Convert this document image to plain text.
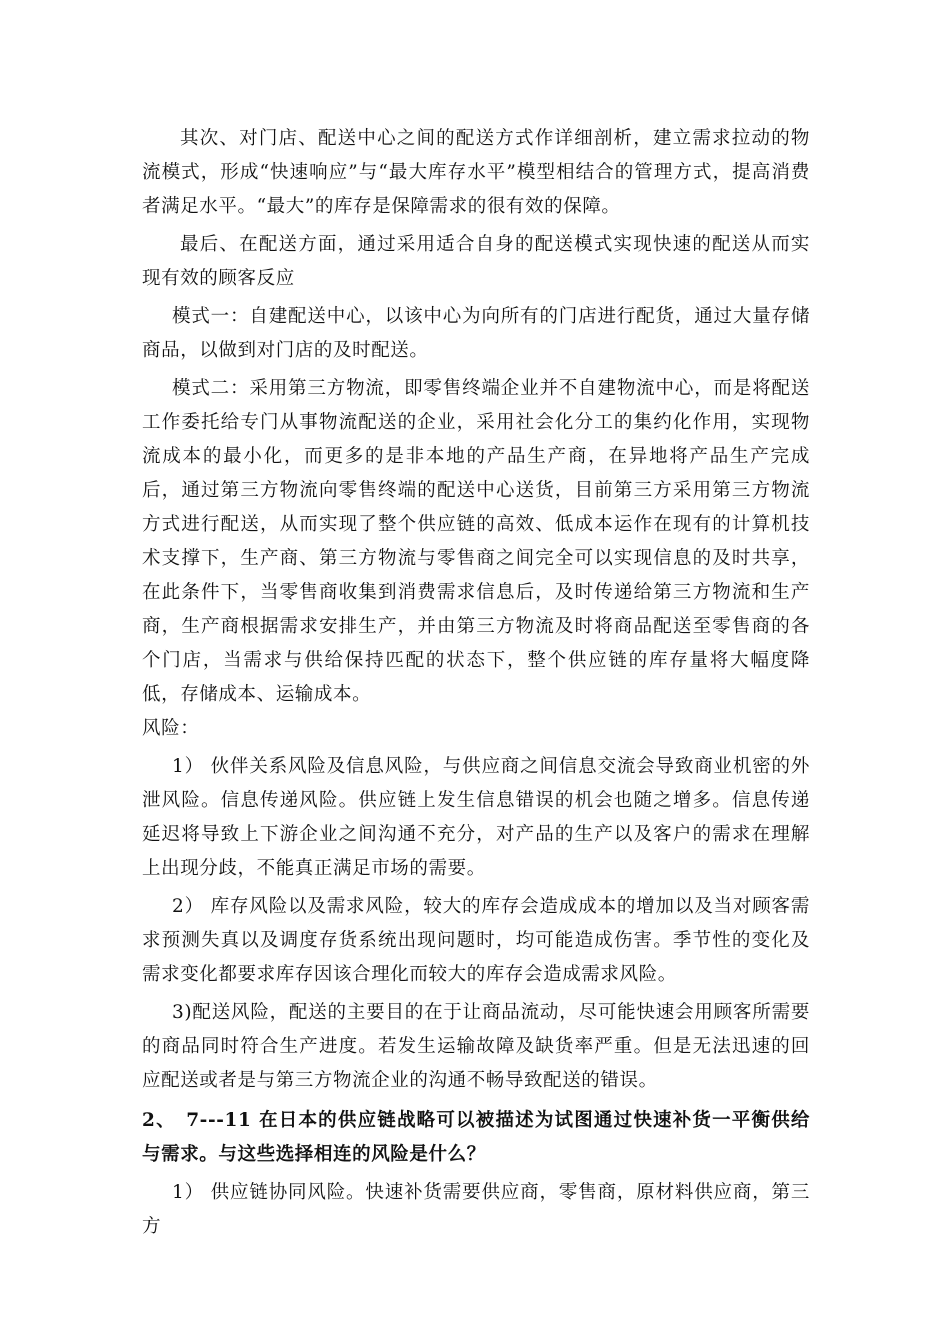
其次、对门店、配送中心之间的配送方式作详细剖析，建立需求拉动的物流模式，形成“快速响应”与“最大库存水平”模型相结合的管理方式，提高消费者满足水平。“最大”的库存是保障需求的很有效的保障。

最后、在配送方面，通过采用适合自身的配送模式实现快速的配送从而实现有效的顾客反应

模式一：自建配送中心，以该中心为向所有的门店进行配货，通过大量存储商品，以做到对门店的及时配送。

模式二：采用第三方物流，即零售终端企业并不自建物流中心，而是将配送工作委托给专门从事物流配送的企业，采用社会化分工的集约化作用，实现物流成本的最小化，而更多的是非本地的产品生产商，在异地将产品生产完成后，通过第三方物流向零售终端的配送中心送货，目前第三方采用第三方物流方式进行配送，从而实现了整个供应链的高效、低成本运作在现有的计算机技术支撑下，生产商、第三方物流与零售商之间完全可以实现信息的及时共享，在此条件下，当零售商收集到消费需求信息后，及时传递给第三方物流和生产商，生产商根据需求安排生产，并由第三方物流及时将商品配送至零售商的各个门店，当需求与供给保持匹配的状态下，整个供应链的库存量将大幅度降低，存储成本、运输成本。

风险：

1） 伙伴关系风险及信息风险，与供应商之间信息交流会导致商业机密的外泄风险。信息传递风险。供应链上发生信息错误的机会也随之增多。信息传递延迟将导致上下游企业之间沟通不充分，对产品的生产以及客户的需求在理解上出现分歧，不能真正满足市场的需要。

2） 库存风险以及需求风险，较大的库存会造成成本的增加以及当对顾客需求预测失真以及调度存货系统出现问题时，均可能造成伤害。季节性的变化及需求变化都要求库存因该合理化而较大的库存会造成需求风险。

3)配送风险，配送的主要目的在于让商品流动，尽可能快速会用顾客所需要的商品同时符合生产进度。若发生运输故障及缺货率严重。但是无法迅速的回应配送或者是与第三方物流企业的沟通不畅导致配送的错误。

2、　7---11 在日本的供应链战略可以被描述为试图通过快速补货一平衡供给与需求。与这些选择相连的风险是什么？

1） 供应链协同风险。快速补货需要供应商，零售商，原材料供应商，第三方
